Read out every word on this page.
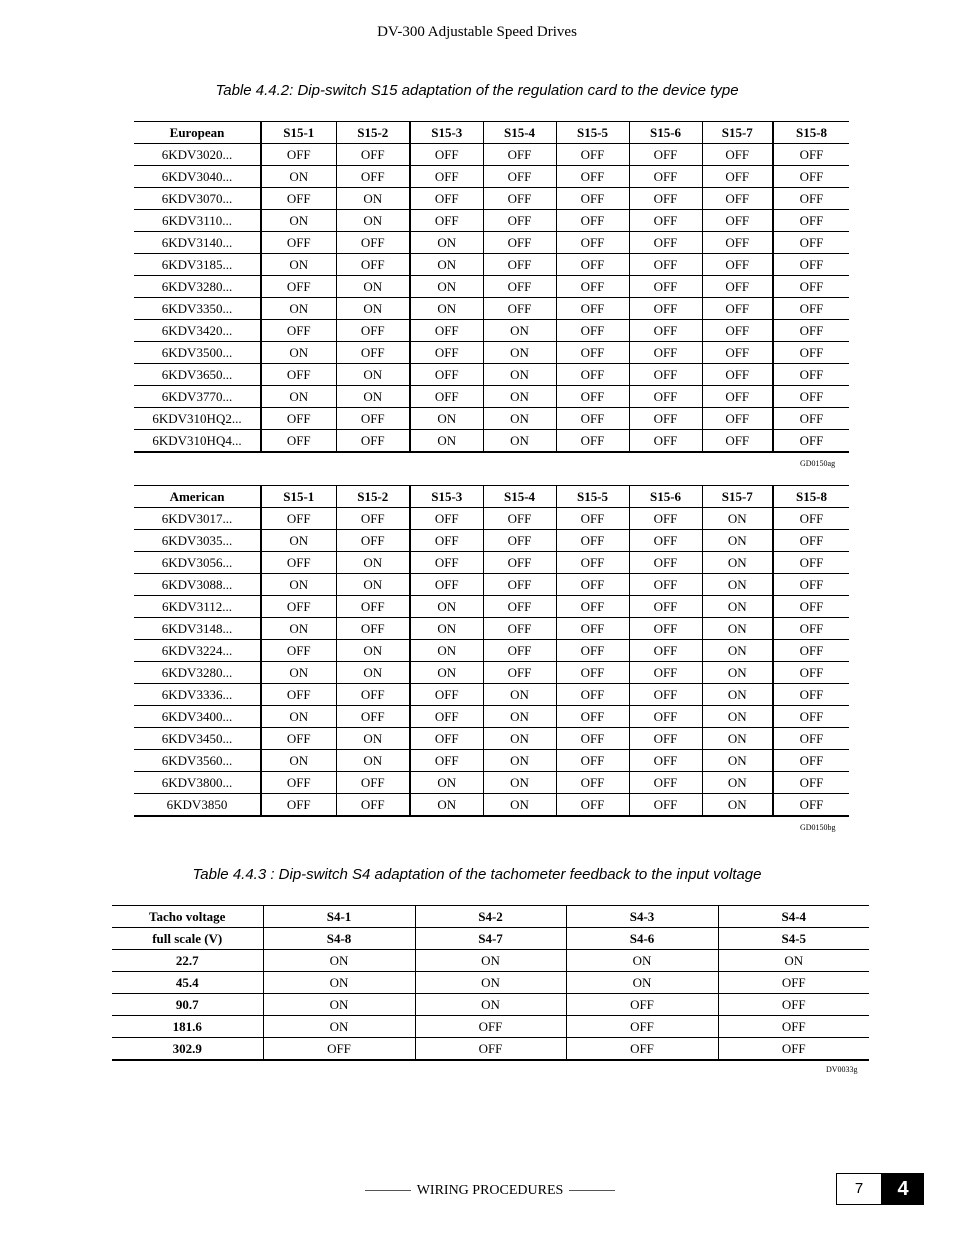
DV-300 Adjustable Speed Drives
Table 4.4.2: Dip-switch S15 adaptation of the regulation card to the device type
European	S15-1	S15-2	S15-3	S15-4	S15-5	S15-6	S15-7	S15-8
6KDV3020...	OFF	OFF	OFF	OFF	OFF	OFF	OFF	OFF
6KDV3040...	ON	OFF	OFF	OFF	OFF	OFF	OFF	OFF
6KDV3070...	OFF	ON	OFF	OFF	OFF	OFF	OFF	OFF
6KDV3110...	ON	ON	OFF	OFF	OFF	OFF	OFF	OFF
6KDV3140...	OFF	OFF	ON	OFF	OFF	OFF	OFF	OFF
6KDV3185...	ON	OFF	ON	OFF	OFF	OFF	OFF	OFF
6KDV3280...	OFF	ON	ON	OFF	OFF	OFF	OFF	OFF
6KDV3350...	ON	ON	ON	OFF	OFF	OFF	OFF	OFF
6KDV3420...	OFF	OFF	OFF	ON	OFF	OFF	OFF	OFF
6KDV3500...	ON	OFF	OFF	ON	OFF	OFF	OFF	OFF
6KDV3650...	OFF	ON	OFF	ON	OFF	OFF	OFF	OFF
6KDV3770...	ON	ON	OFF	ON	OFF	OFF	OFF	OFF
6KDV310HQ2...	OFF	OFF	ON	ON	OFF	OFF	OFF	OFF
6KDV310HQ4...	OFF	OFF	ON	ON	OFF	OFF	OFF	OFF
GD0150ag
American	S15-1	S15-2	S15-3	S15-4	S15-5	S15-6	S15-7	S15-8
6KDV3017...	OFF	OFF	OFF	OFF	OFF	OFF	ON	OFF
6KDV3035...	ON	OFF	OFF	OFF	OFF	OFF	ON	OFF
6KDV3056...	OFF	ON	OFF	OFF	OFF	OFF	ON	OFF
6KDV3088...	ON	ON	OFF	OFF	OFF	OFF	ON	OFF
6KDV3112...	OFF	OFF	ON	OFF	OFF	OFF	ON	OFF
6KDV3148...	ON	OFF	ON	OFF	OFF	OFF	ON	OFF
6KDV3224...	OFF	ON	ON	OFF	OFF	OFF	ON	OFF
6KDV3280...	ON	ON	ON	OFF	OFF	OFF	ON	OFF
6KDV3336...	OFF	OFF	OFF	ON	OFF	OFF	ON	OFF
6KDV3400...	ON	OFF	OFF	ON	OFF	OFF	ON	OFF
6KDV3450...	OFF	ON	OFF	ON	OFF	OFF	ON	OFF
6KDV3560...	ON	ON	OFF	ON	OFF	OFF	ON	OFF
6KDV3800...	OFF	OFF	ON	ON	OFF	OFF	ON	OFF
6KDV3850	OFF	OFF	ON	ON	OFF	OFF	ON	OFF
GD0150bg
Table 4.4.3 : Dip-switch S4 adaptation of the tachometer feedback to the input voltage
Tacho voltage	S4-1	S4-2	S4-3	S4-4
full scale (V)	S4-8	S4-7	S4-6	S4-5
22.7	ON	ON	ON	ON
45.4	ON	ON	ON	OFF
90.7	ON	ON	OFF	OFF
181.6	ON	OFF	OFF	OFF
302.9	OFF	OFF	OFF	OFF
DV0033g
WIRING PROCEDURES	7	4
